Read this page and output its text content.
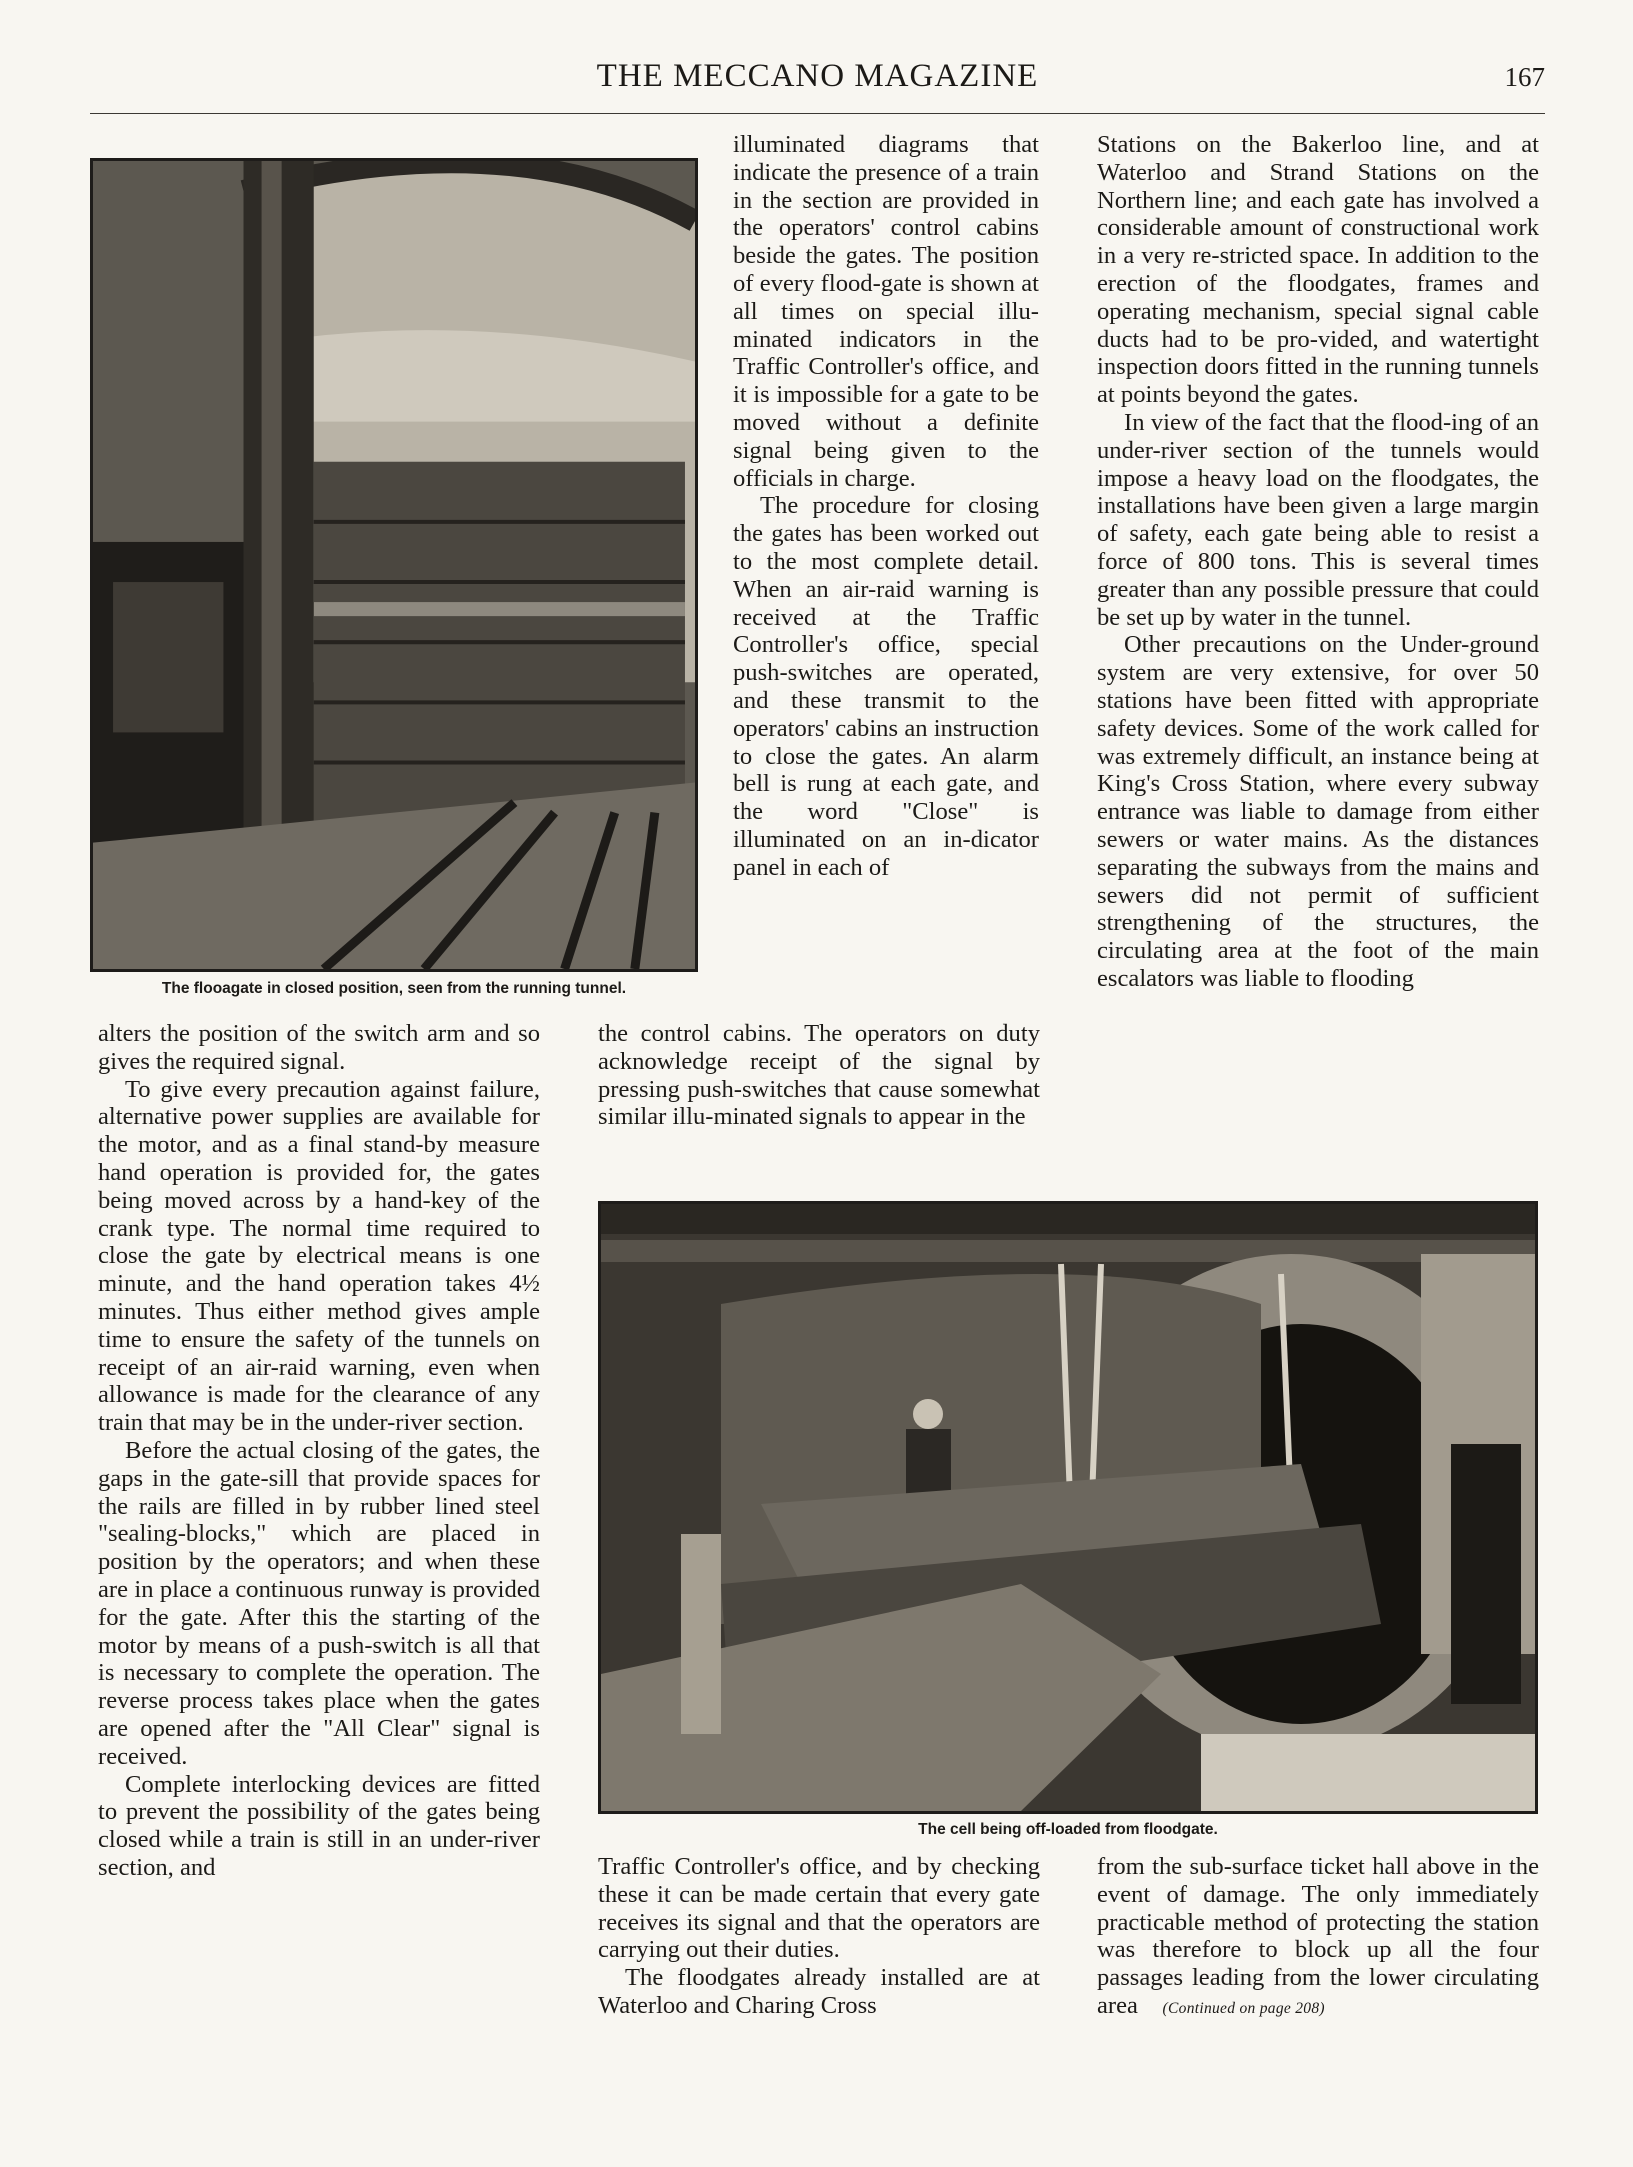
THE MECCANO MAGAZINE	167
The flooagate in closed position, seen from the running tunnel.
The cell being off-loaded from floodgate.

illuminated diagrams that indicate the presence of a train in the section are provided in the operators' control cabins beside the gates. The position of every flood-gate is shown at all times on special illu-minated indicators in the Traffic Controller's office, and it is impossible for a gate to be moved without a definite signal being given to the officials in charge.

The procedure for closing the gates has been worked out to the most complete detail. When an air-raid warning is received at the Traffic Controller's office, special push-switches are operated, and these transmit to the operators' cabins an instruction to close the gates. An alarm bell is rung at each gate, and the word "Close" is illuminated on an in-dicator panel in each of

the control cabins. The operators on duty acknowledge receipt of the signal by pressing push-switches that cause somewhat similar illu-minated signals to appear in the

Stations on the Bakerloo line, and at Waterloo and Strand Stations on the Northern line; and each gate has involved a considerable amount of constructional work in a very re-stricted space. In addition to the erection of the floodgates, frames and operating mechanism, special signal cable ducts had to be pro-vided, and watertight inspection doors fitted in the running tunnels at points beyond the gates.

In view of the fact that the flood-ing of an under-river section of the tunnels would impose a heavy load on the floodgates, the installations have been given a large margin of safety, each gate being able to resist a force of 800 tons. This is several times greater than any possible pressure that could be set up by water in the tunnel.

Other precautions on the Under-ground system are very extensive, for over 50 stations have been fitted with appropriate safety devices. Some of the work called for was extremely difficult, an instance being at King's Cross Station, where every subway entrance was liable to damage from either sewers or water mains. As the distances separating the subways from the mains and sewers did not permit of sufficient strengthening of the structures, the circulating area at the foot of the main escalators was liable to flooding

alters the position of the switch arm and so gives the required signal.

To give every precaution against failure, alternative power supplies are available for the motor, and as a final stand-by measure hand operation is provided for, the gates being moved across by a hand-key of the crank type. The normal time required to close the gate by electrical means is one minute, and the hand operation takes 4½ minutes. Thus either method gives ample time to ensure the safety of the tunnels on receipt of an air-raid warning, even when allowance is made for the clearance of any train that may be in the under-river section.

Before the actual closing of the gates, the gaps in the gate-sill that provide spaces for the rails are filled in by rubber lined steel "sealing-blocks," which are placed in position by the operators; and when these are in place a continuous runway is provided for the gate. After this the starting of the motor by means of a push-switch is all that is necessary to complete the operation. The reverse process takes place when the gates are opened after the "All Clear" signal is received.

Complete interlocking devices are fitted to prevent the possibility of the gates being closed while a train is still in an under-river section, and	Traffic Controller's office, and by checking these it can be made certain that every gate receives its signal and that the operators are carrying out their duties.

The floodgates already installed are at Waterloo and Charing Cross

from the sub-surface ticket hall above in the event of damage. The only immediately practicable method of protecting the station was therefore to block up all the four passages leading from the lower circulating area (Continued on page 208)
